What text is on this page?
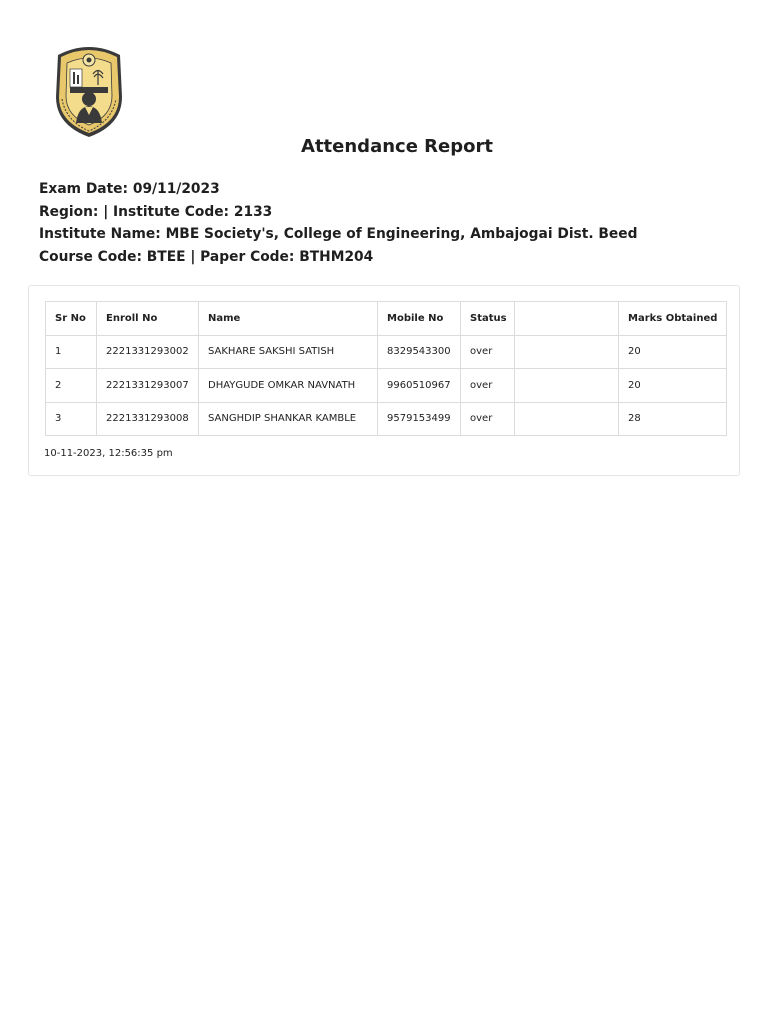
Attendance Report
Exam Date: 09/11/2023
Region: | Institute Code: 2133
Institute Name: MBE Society's, College of Engineering, Ambajogai Dist. Beed
Course Code: BTEE | Paper Code: BTHM204
Sr No	Enroll No	Name	Mobile No	Status		Marks Obtained
1	2221331293002	SAKHARE SAKSHI SATISH	8329543300	over		20
2	2221331293007	DHAYGUDE OMKAR NAVNATH	9960510967	over		20
3	2221331293008	SANGHDIP SHANKAR KAMBLE	9579153499	over		28
10-11-2023, 12:56:35 pm
